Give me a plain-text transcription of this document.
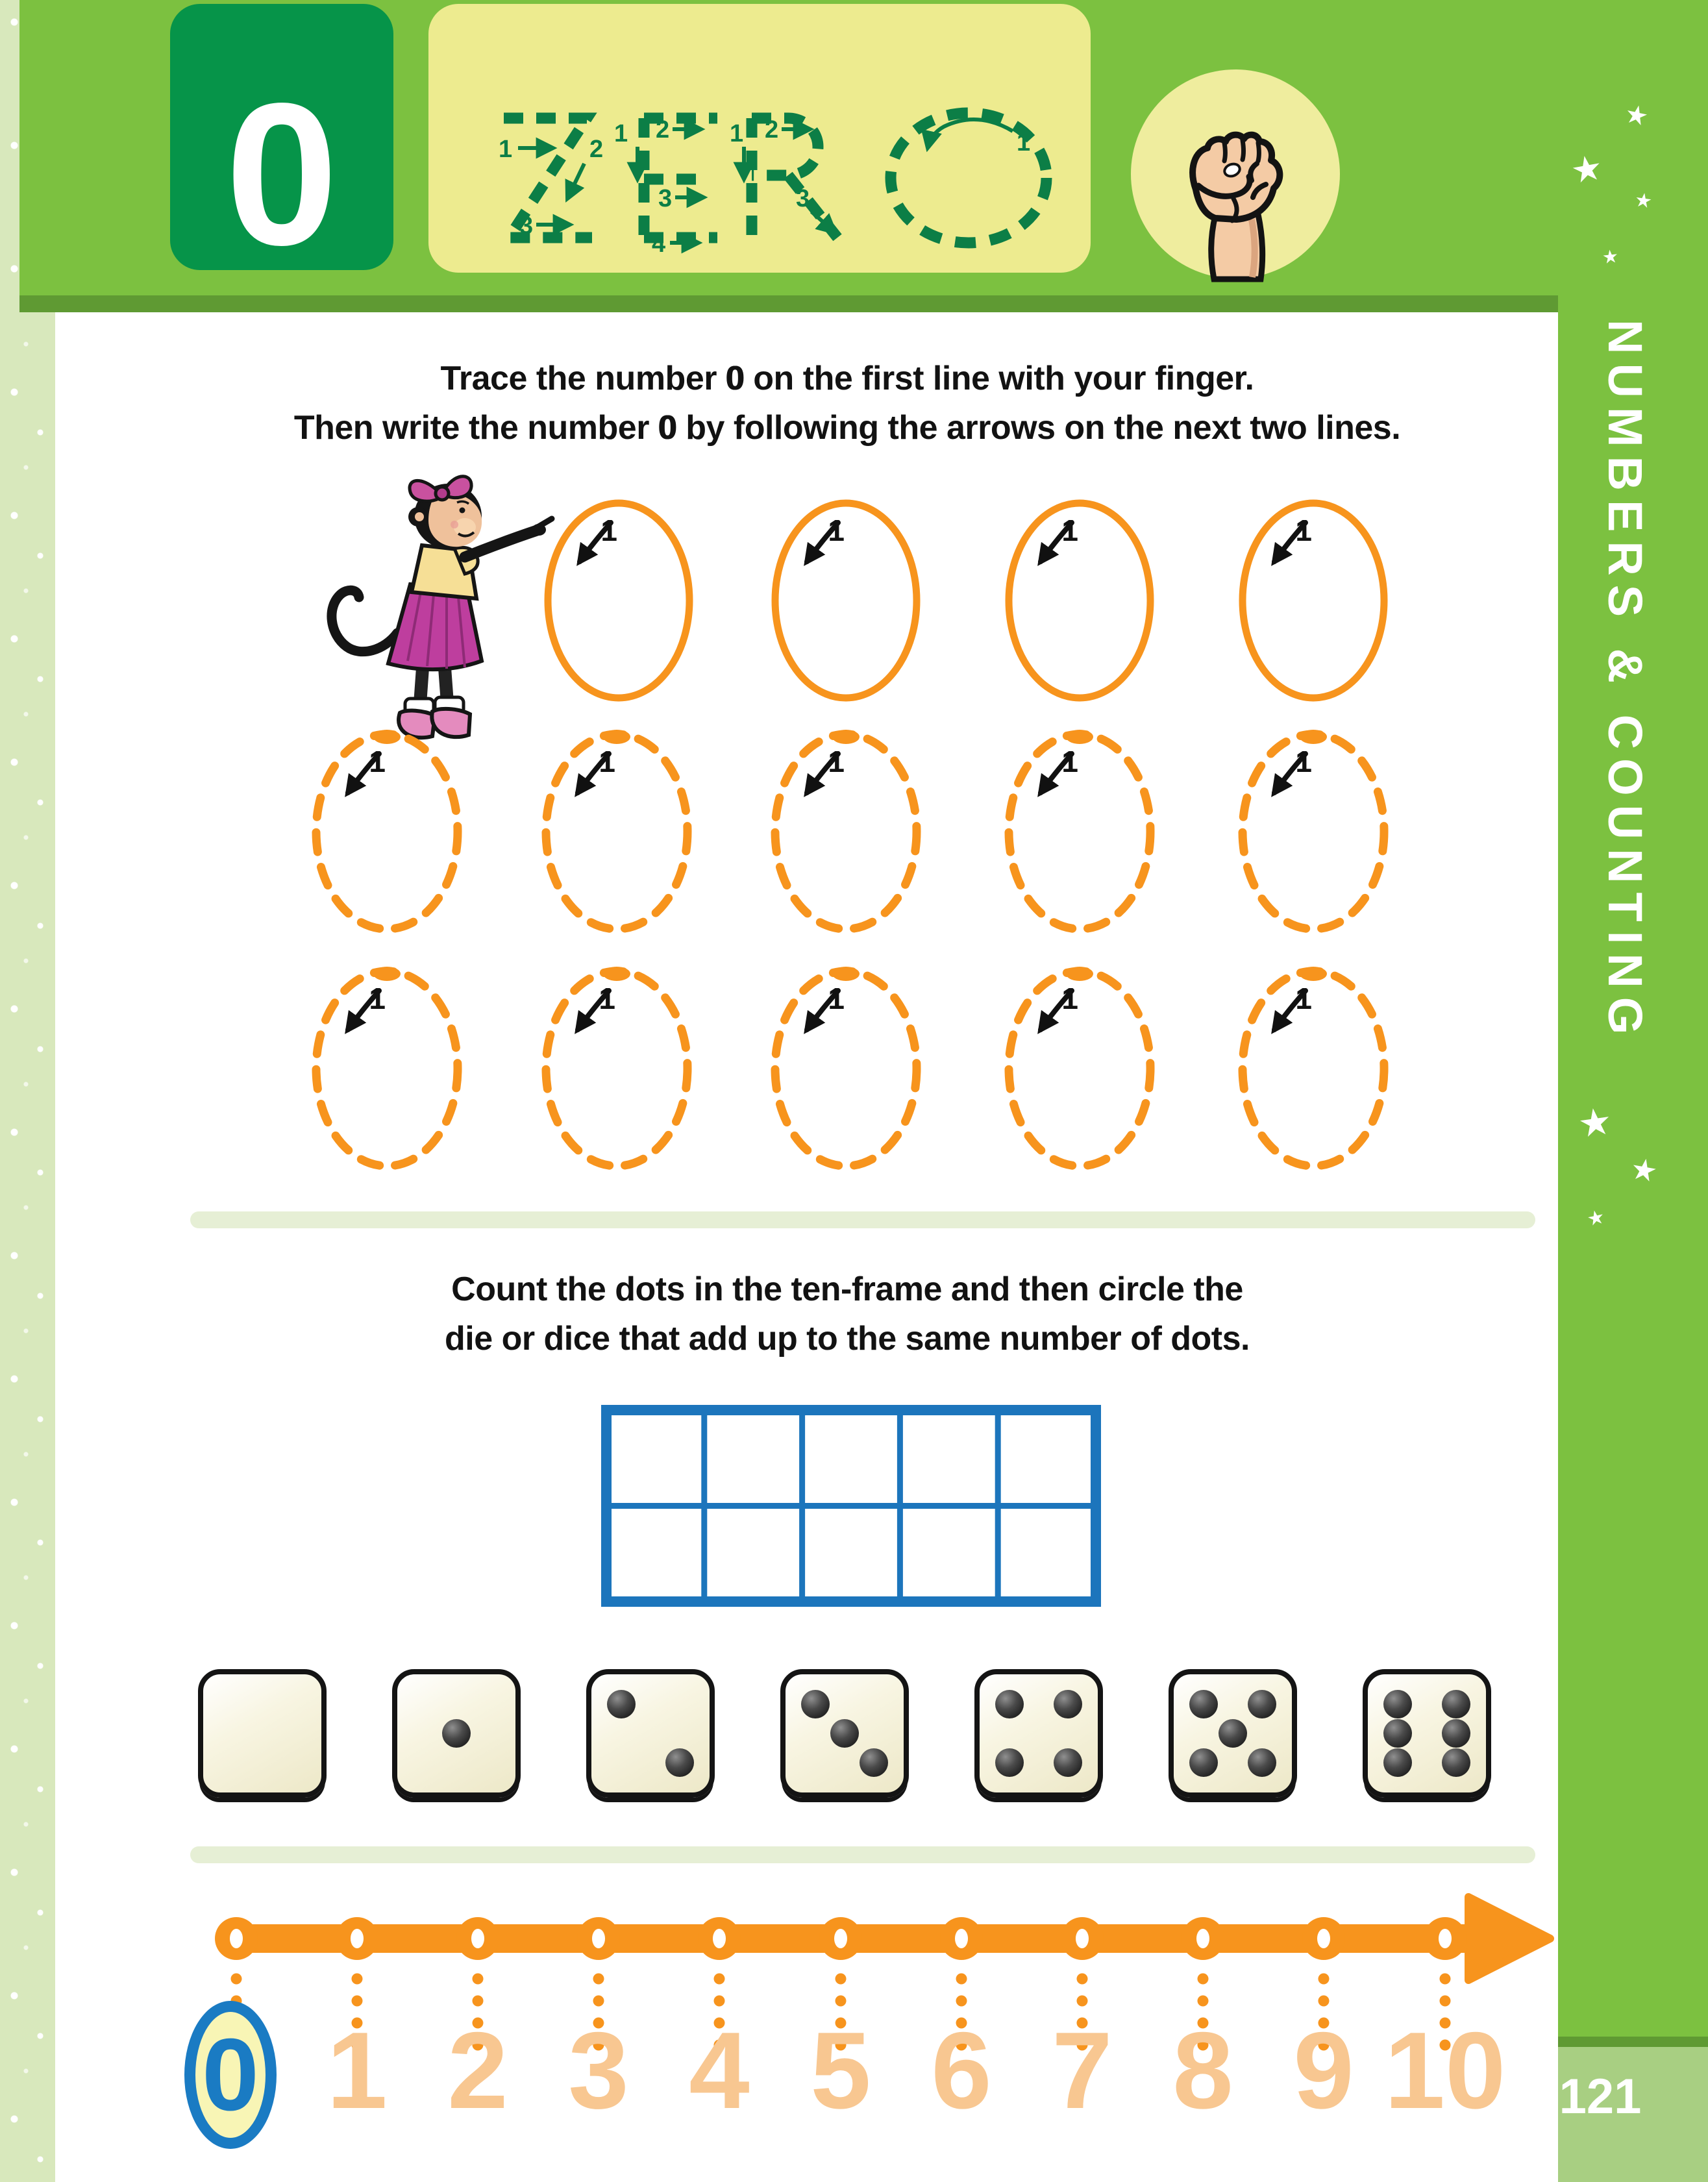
121
0	1	2
3
1 2
3
4
1 2
3
1
★
★
★
★
★
★
★
NUMBERS & COUNTING
Trace the number 0 on the first line with your finger.
Then write the number 0 by following the arrows on the next two lines.
1	1	1	1
1	1	1	1	1
1	1	1	1	1
Count the dots in the ten-frame and then circle the
die or dice that add up to the same number of dots.
0 1 2 3 4 5 6 7 8 9 10
